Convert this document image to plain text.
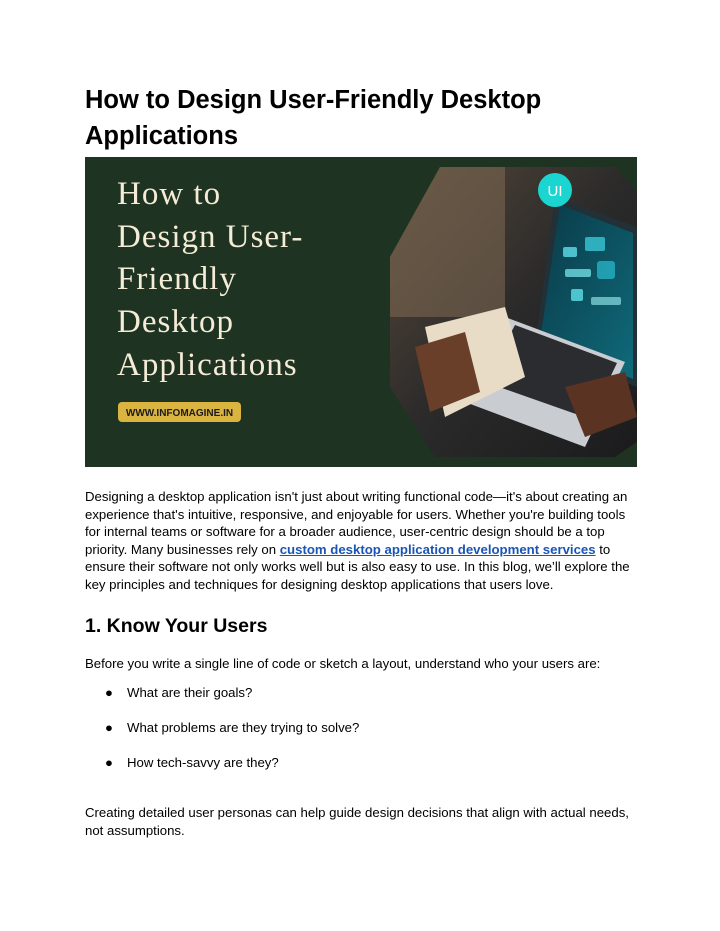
How to Design User-Friendly Desktop Applications
UI
How to
Design User-
Friendly
Desktop
Applications
WWW.INFOMAGINE.IN

Designing a desktop application isn't just about writing functional code—it's about creating an experience that's intuitive, responsive, and enjoyable for users. Whether you're building tools for internal teams or software for a broader audience, user-centric design should be a top priority. Many businesses rely on custom desktop application development services to ensure their software not only works well but is also easy to use. In this blog, we’ll explore the key principles and techniques for designing desktop applications that users love.

1. Know Your Users

Before you write a single line of code or sketch a layout, understand who your users are:

● What are their goals?
● What problems are they trying to solve?
● How tech-savvy are they?

Creating detailed user personas can help guide design decisions that align with actual needs, not assumptions.
